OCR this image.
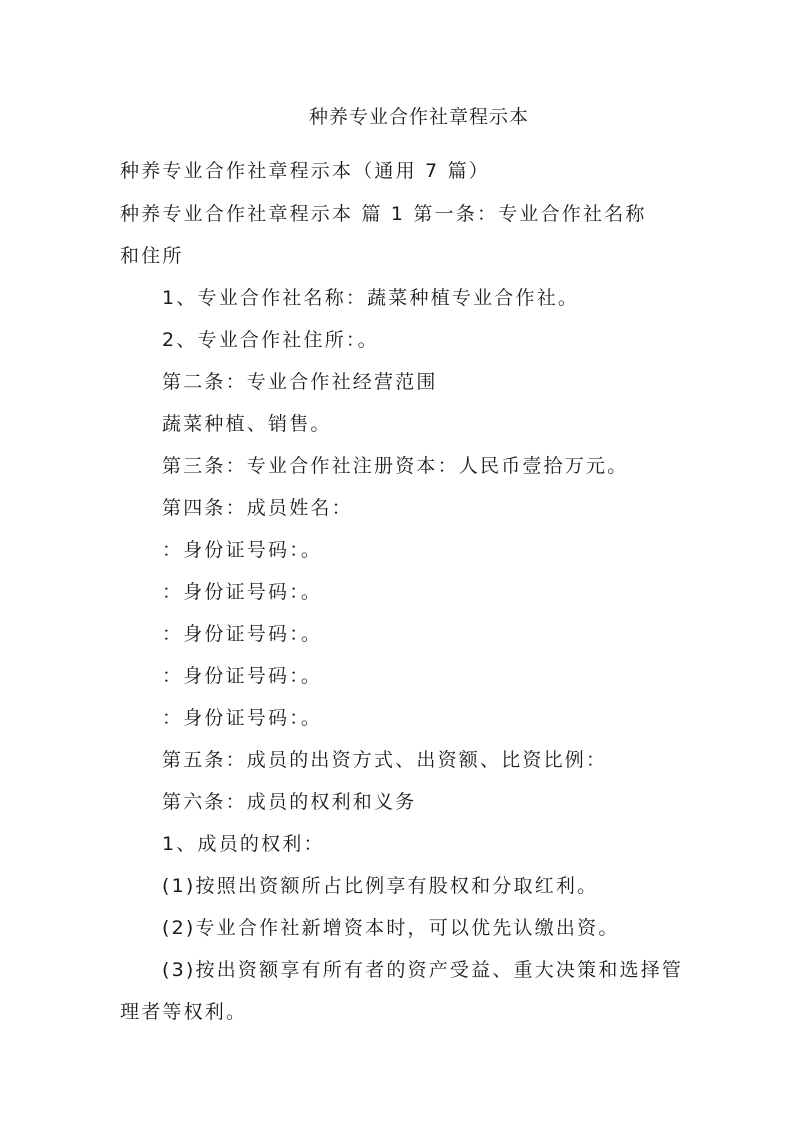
种养专业合作社章程示本
种养专业合作社章程示本（通用 7 篇）
种养专业合作社章程示本 篇 1 第一条：专业合作社名称
和住所
1、专业合作社名称：蔬菜种植专业合作社。
2、专业合作社住所：。
第二条：专业合作社经营范围
蔬菜种植、销售。
第三条：专业合作社注册资本：人民币壹拾万元。
第四条：成员姓名：
：身份证号码：。
：身份证号码：。
：身份证号码：。
：身份证号码：。
：身份证号码：。
第五条：成员的出资方式、出资额、比资比例：
第六条：成员的权利和义务
1、成员的权利：
(1)按照出资额所占比例享有股权和分取红利。
(2)专业合作社新增资本时，可以优先认缴出资。
(3)按出资额享有所有者的资产受益、重大决策和选择管
理者等权利。
